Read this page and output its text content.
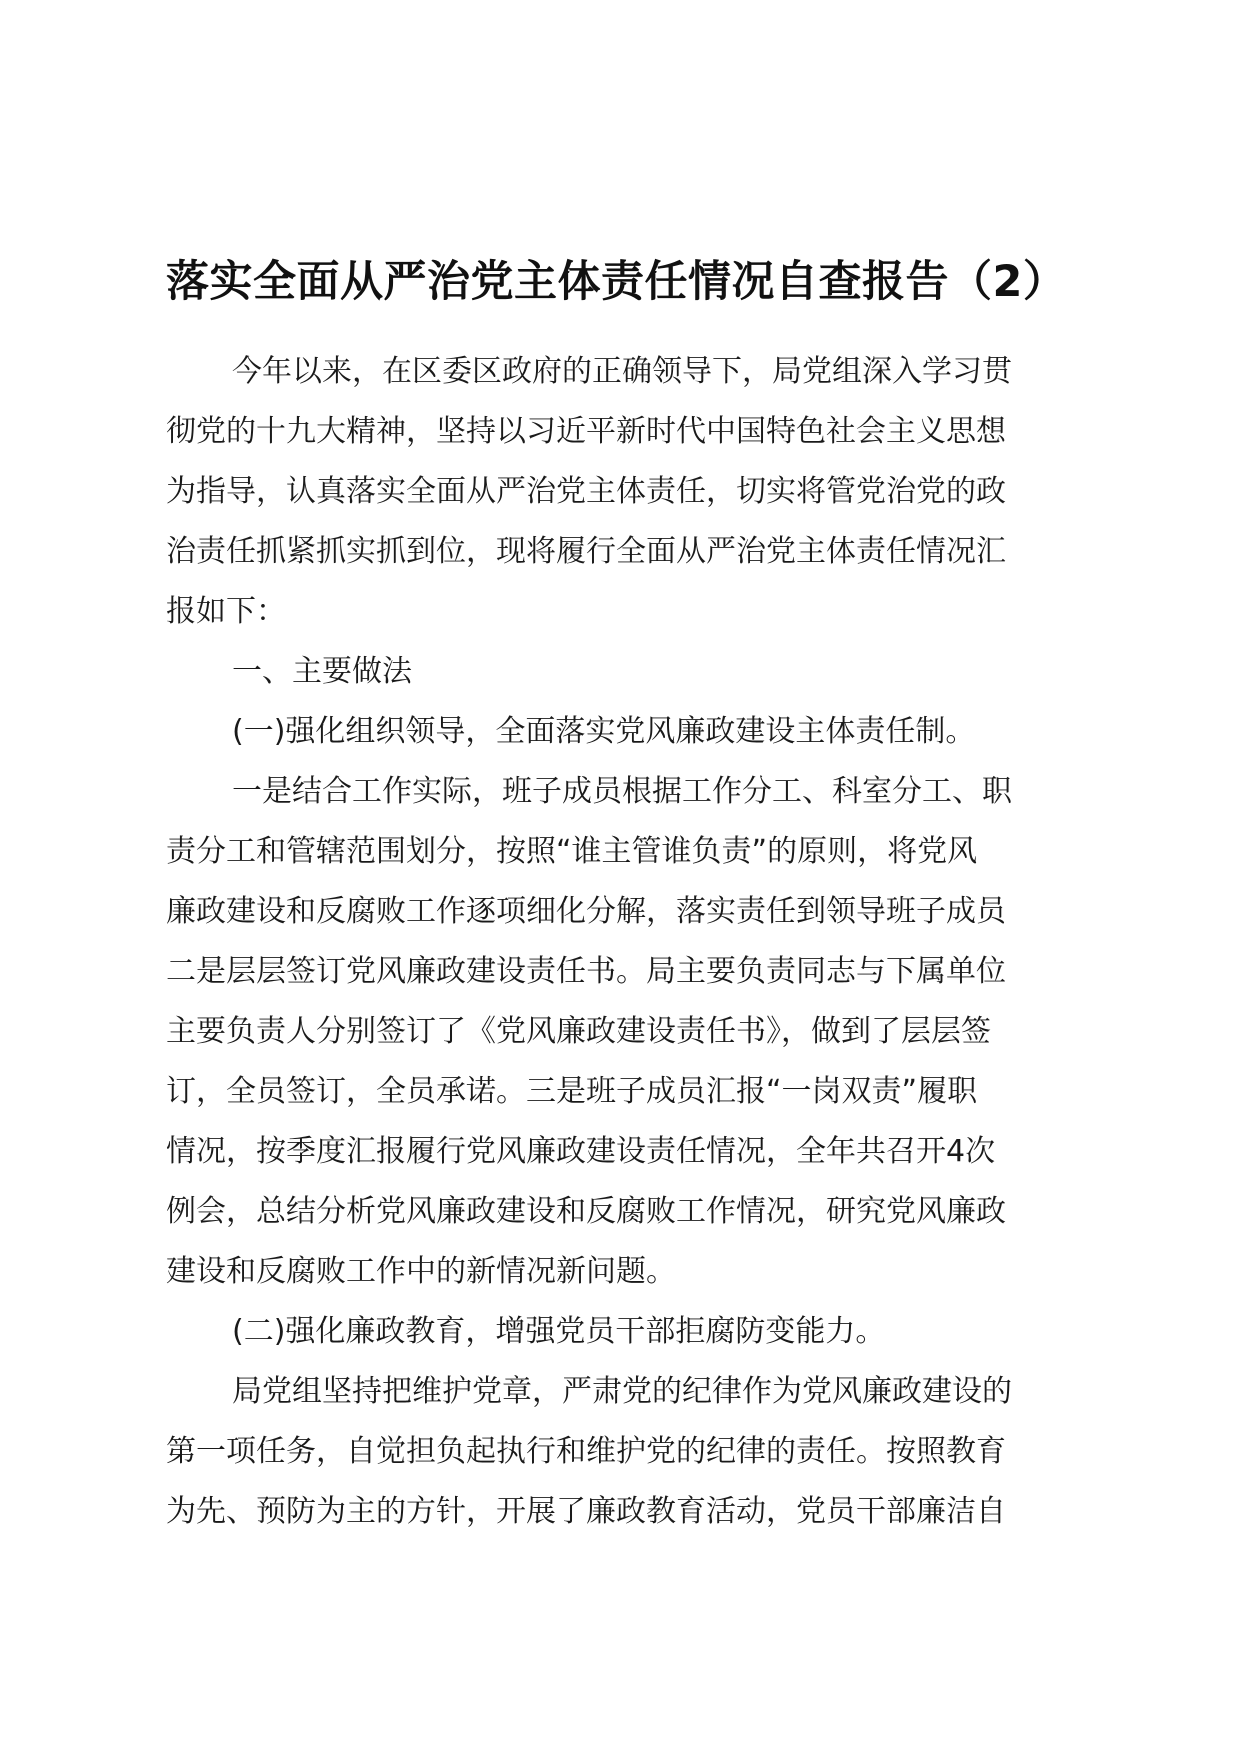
落实全面从严治党主体责任情况自查报告（2）
今年以来，在区委区政府的正确领导下，局党组深入学习贯
彻党的十九大精神，坚持以习近平新时代中国特色社会主义思想
为指导，认真落实全面从严治党主体责任，切实将管党治党的政
治责任抓紧抓实抓到位，现将履行全面从严治党主体责任情况汇
报如下：
一、主要做法
(一)强化组织领导，全面落实党风廉政建设主体责任制。
一是结合工作实际，班子成员根据工作分工、科室分工、职
责分工和管辖范围划分，按照“谁主管谁负责”的原则，将党风
廉政建设和反腐败工作逐项细化分解，落实责任到领导班子成员
二是层层签订党风廉政建设责任书。局主要负责同志与下属单位
主要负责人分别签订了《党风廉政建设责任书》，做到了层层签
订，全员签订，全员承诺。三是班子成员汇报“一岗双责”履职
情况，按季度汇报履行党风廉政建设责任情况，全年共召开4次
例会，总结分析党风廉政建设和反腐败工作情况，研究党风廉政
建设和反腐败工作中的新情况新问题。
(二)强化廉政教育，增强党员干部拒腐防变能力。
局党组坚持把维护党章，严肃党的纪律作为党风廉政建设的
第一项任务，自觉担负起执行和维护党的纪律的责任。按照教育
为先、预防为主的方针，开展了廉政教育活动，党员干部廉洁自
